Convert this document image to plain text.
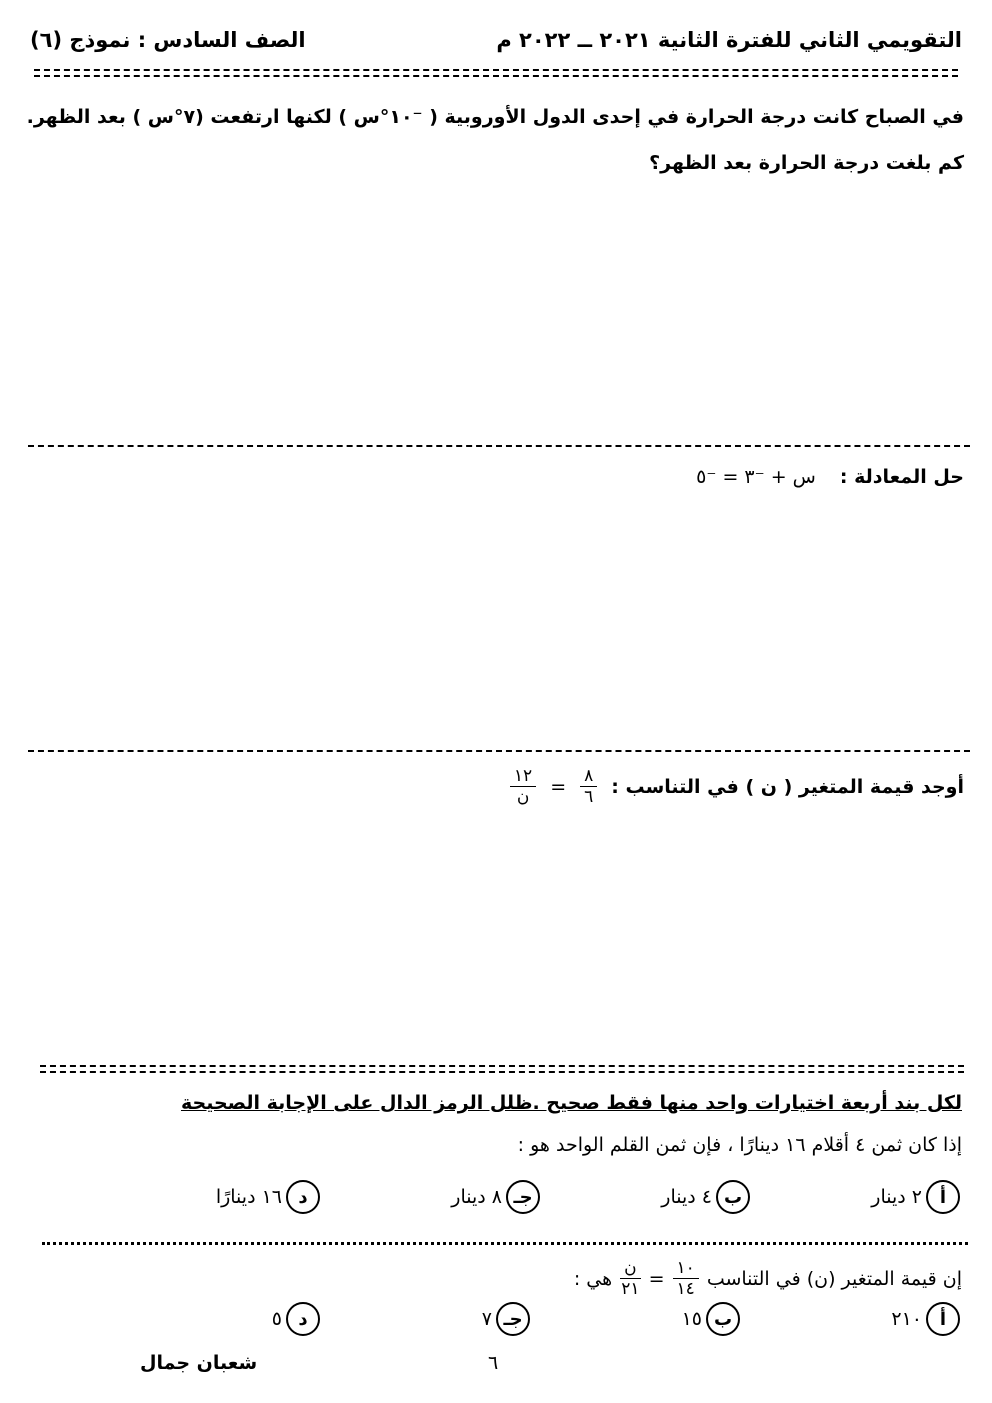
التقويمي الثاني للفترة الثانية ٢٠٢١ ــ ٢٠٢٢ م
الصف السادس : نموذج (٦)
في الصباح كانت درجة الحرارة في إحدى الدول الأوروبية ( ⁻١٠°س ) لكنها ارتفعت (٧°س ) بعد الظهر.
كم بلغت درجة الحرارة بعد الظهر؟
حل المعادلة :
س + ⁻٣ = ⁻٥
أوجد قيمة المتغير ( ن ) في التناسب :
$\frac{٨}{٦}$
=
$\frac{١٢}{\text{ن}}$
لكل بند أربعة اختيارات واحد منها فقط صحيح .ظلل الرمز الدال على الإجابة الصحيحة
إذا كان ثمن ٤ أقلام ١٦ دينارًا ، فإن ثمن القلم الواحد هو :
أ
٢ دينار
ب
٤ دينار
جـ
٨ دينار
د
١٦ دينارًا
إن قيمة المتغير (ن) في التناسب
$\frac{١٠}{١٤}$
=
$\frac{\text{ن}}{٢١}$
هي :
أ
٢١٠
ب
١٥
جـ
٧
د
٥
٦
شعبان جمال
